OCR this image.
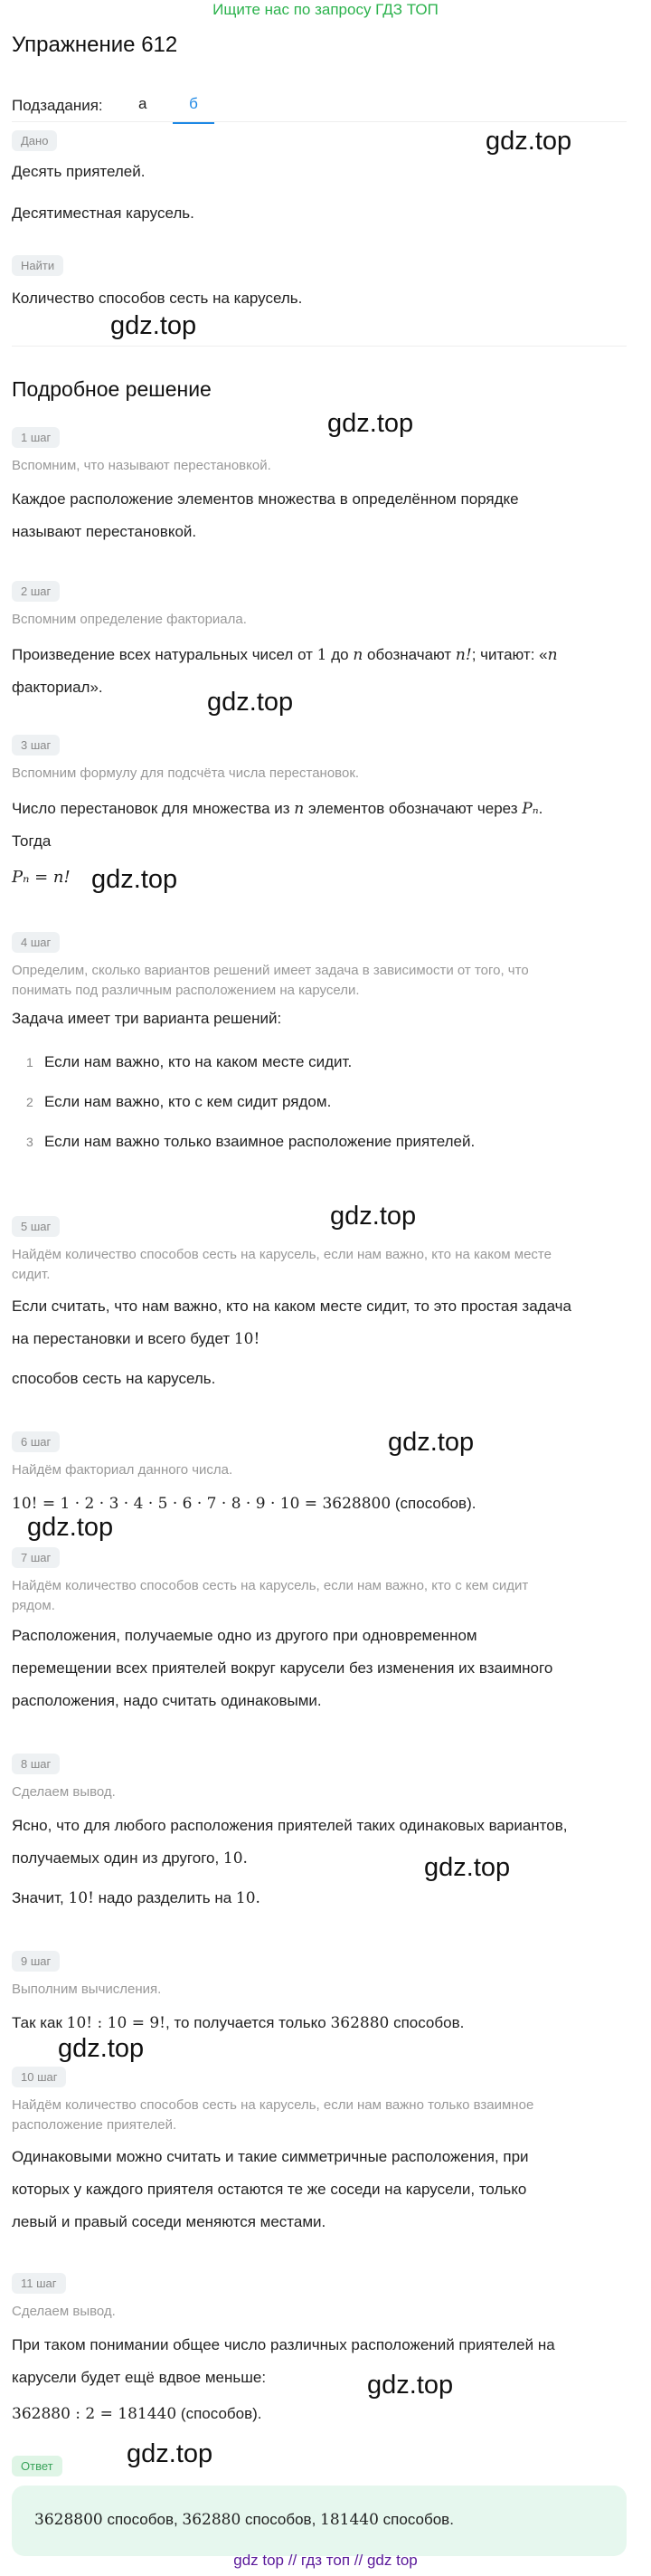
Ищите нас по запросу ГДЗ ТОП
Упражнение 612
Подзадания: а	б
Дано
Десять приятелей.
Десятиместная карусель.
Найти
Количество способов сесть на карусель.
Подробное решение
1 шаг
Вспомним, что называют перестановкой.
Каждое расположение элементов множества в определённом порядке
называют перестановкой.
2 шаг
Вспомним определение факториала.
Произведение всех натуральных чисел от 1 до n обозначают n!; читают: «n
факториал».
3 шаг
Вспомним формулу для подсчёта числа перестановок.
Число перестановок для множества из n элементов обозначают через Pₙ.
Тогда
Pₙ = n!
4 шаг
Определим, сколько вариантов решений имеет задача в зависимости от того, что
понимать под различным расположением на карусели.
Задача имеет три варианта решений:
1 Если нам важно, кто на каком месте сидит.
2 Если нам важно, кто с кем сидит рядом.
3 Если нам важно только взаимное расположение приятелей.
5 шаг
Найдём количество способов сесть на карусель, если нам важно, кто на каком месте
сидит.
Если считать, что нам важно, кто на каком месте сидит, то это простая задача
на перестановки и всего будет 10!
способов сесть на карусель.
6 шаг
Найдём факториал данного числа.
10! = 1 · 2 · 3 · 4 · 5 · 6 · 7 · 8 · 9 · 10 = 3628800 (способов).
7 шаг
Найдём количество способов сесть на карусель, если нам важно, кто с кем сидит
рядом.
Расположения, получаемые одно из другого при одновременном
перемещении всех приятелей вокруг карусели без изменения их взаимного
расположения, надо считать одинаковыми.
8 шаг
Сделаем вывод.
Ясно, что для любого расположения приятелей таких одинаковых вариантов,
получаемых один из другого, 10.
Значит, 10! надо разделить на 10.
9 шаг
Выполним вычисления.
Так как 10! : 10 = 9!, то получается только 362880 способов.
10 шаг
Найдём количество способов сесть на карусель, если нам важно только взаимное
расположение приятелей.
Одинаковыми можно считать и такие симметричные расположения, при
которых у каждого приятеля остаются те же соседи на карусели, только
левый и правый соседи меняются местами.
11 шаг
Сделаем вывод.
При таком понимании общее число различных расположений приятелей на
карусели будет ещё вдвое меньше:
362880 : 2 = 181440 (способов).
Ответ
3628800 способов, 362880 способов, 181440 способов.
gdz.top
gdz.top
gdz.top
gdz.top
gdz.top
gdz.top
gdz.top
gdz.top
gdz.top
gdz.top
gdz.top
gdz.top
gdz top // гдз топ // gdz top
